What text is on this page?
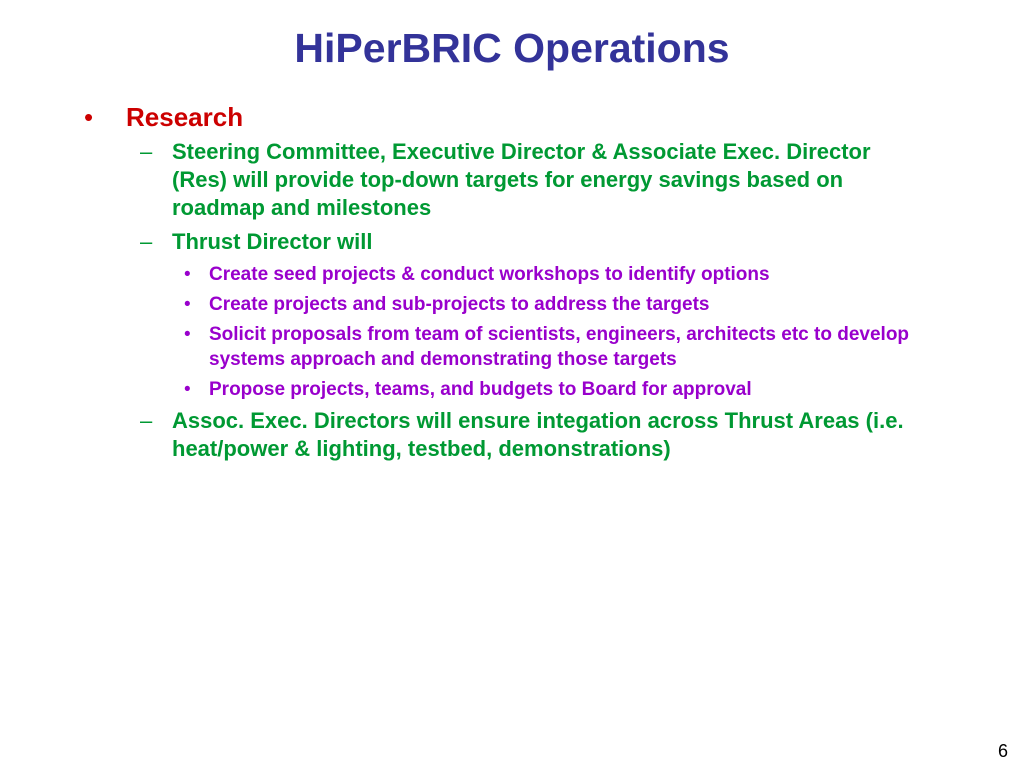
HiPerBRIC Operations
•	Research
– Steering Committee, Executive Director & Associate Exec. Director (Res) will provide top-down targets for energy savings based on roadmap and milestones
– Thrust Director will
• Create seed projects & conduct workshops to identify options
• Create projects and sub-projects to address the targets
• Solicit proposals from team of scientists, engineers, architects etc to develop systems approach and demonstrating those targets
• Propose projects, teams, and budgets to Board for approval
– Assoc. Exec. Directors will ensure integation across Thrust Areas (i.e. heat/power & lighting, testbed, demonstrations)
6
